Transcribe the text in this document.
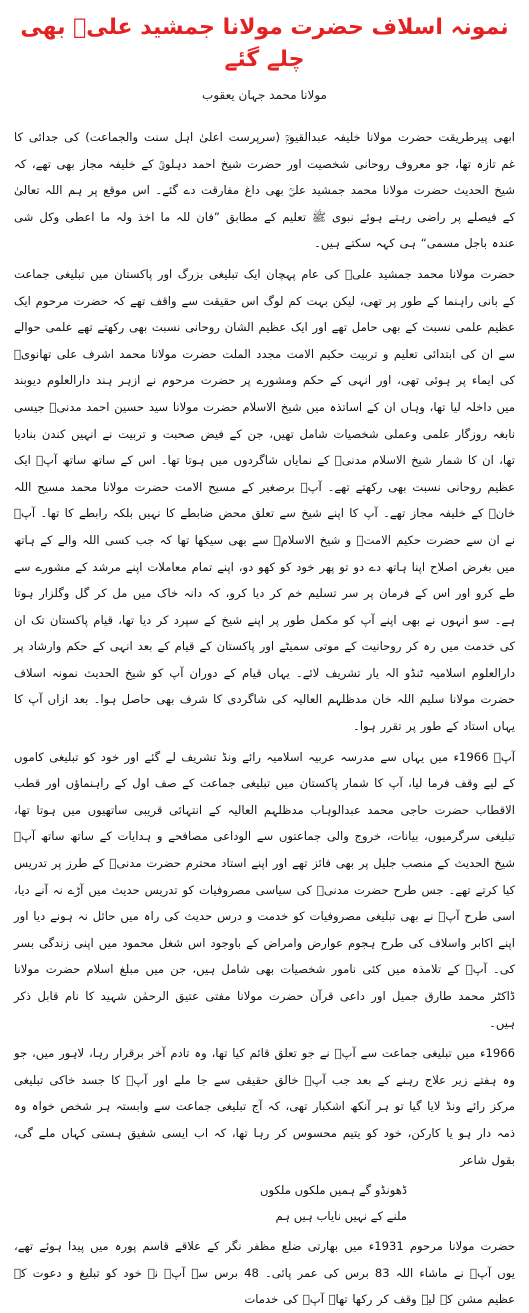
نمونہ اسلاف حضرت مولانا جمشید علیؒ بھی چلے گئے
مولانا محمد جہان یعقوب
ابھی پیرطریقت حضرت مولانا خلیفہ عبدالقیومؒ (سرپرست اعلیٰ اہل سنت والجماعت) کی جدائی کا غم تازہ تھا، جو معروف روحانی شخصیت اور حضرت شیخ احمد دہلویؒ کے خلیفہ مجاز بھی تھے، کہ شیخ الحدیث حضرت مولانا محمد جمشید علیؒ بھی داغ مفارقت دے گئے۔ اس موقع پر ہم اللہ تعالیٰ کے فیصلے پر راضی رہتے ہوئے نبوی ﷺ تعلیم کے مطابق ”فان للہ ما اخذ ولہ ما اعطی وکل شی عندہ باجل مسمی“ ہی کہہ سکتے ہیں۔
حضرت مولانا محمد جمشید علیؒ کی عام پہچان ایک تبلیغی بزرگ اور پاکستان میں تبلیغی جماعت کے بانی راہنما کے طور پر تھی، لیکن بہت کم لوگ اس حقیقت سے واقف تھے کہ حضرت مرحوم ایک عظیم علمی نسبت کے بھی حامل تھے اور ایک عظیم الشان روحانی نسبت بھی رکھتے تھے علمی حوالے سے ان کی ابتدائی تعلیم و تربیت حکیم الامت مجدد الملت حضرت مولانا محمد اشرف علی تھانویؒ کی ایماء پر ہوئی تھی، اور انہی کے حکم ومشورے پر حضرت مرحوم نے ازہر ہند دارالعلوم دیوبند میں داخلہ لیا تھا، وہاں ان کے اساتذہ میں شیخ الاسلام حضرت مولانا سید حسین احمد مدنیؒ جیسی نابغہ روزگار علمی وعملی شخصیات شامل تھیں، جن کے فیض صحبت و تربیت نے انہیں کندن بنادیا تھا، ان کا شمار شیخ الاسلام مدنیؒ کے نمایاں شاگردوں میں ہوتا تھا۔ اس کے ساتھ ساتھ آپؒ ایک عظیم روحانی نسبت بھی رکھتے تھے۔ آپؒ برصغیر کے مسیح الامت حضرت مولانا محمد مسیح اللہ خانؒ کے خلیفہ مجاز تھے۔ آپ کا اپنے شیخ سے تعلق محض ضابطے کا نہیں بلکہ رابطے کا تھا۔ آپؒ نے ان سے حضرت حکیم الامتؒ و شیخ الاسلامؒ سے بھی سیکھا تھا کہ جب کسی اللہ والے کے ہاتھ میں بغرض اصلاح اپنا ہاتھ دے دو تو پھر خود کو کھو دو، اپنے تمام معاملات اپنے مرشد کے مشورے سے طے کرو اور اس کے فرمان پر سر تسلیم خم کر دیا کرو، کہ دانہ خاک میں مل کر گل وگلزار ہوتا ہے۔ سو انہوں نے بھی اپنے آپ کو مکمل طور پر اپنے شیخ کے سپرد کر دیا تھا، قیام پاکستان تک ان کی خدمت میں رہ کر روحانیت کے موتی سمیٹے اور پاکستان کے قیام کے بعد انہی کے حکم وارشاد پر دارالعلوم اسلامیہ ٹنڈو الہ یار تشریف لائے۔ یہاں قیام کے دوران آپ کو شیخ الحدیث نمونہ اسلاف حضرت مولانا سلیم اللہ خان مدظلہم العالیہ کی شاگردی کا شرف بھی حاصل ہوا۔ بعد ازاں آپ کا یہاں استاد کے طور پر تقرر ہوا۔
آپؒ 1966ء میں یہاں سے مدرسہ عربیہ اسلامیہ رائے ونڈ تشریف لے گئے اور خود کو تبلیغی کاموں کے لیے وقف فرما لیا، آپ کا شمار پاکستان میں تبلیغی جماعت کے صف اول کے راہنماؤں اور قطب الاقطاب حضرت حاجی محمد عبدالوہاب مدظلہم العالیہ کے انتہائی قریبی ساتھیوں میں ہوتا تھا، تبلیغی سرگرمیوں، بیانات، خروج والی جماعتوں سے الوداعی مصافحے و ہدایات کے ساتھ ساتھ آپؒ شیخ الحدیث کے منصب جلیل پر بھی فائز تھے اور اپنے استاد محترم حضرت مدنیؒ کے طرز پر تدریس کیا کرتے تھے۔ جس طرح حضرت مدنیؒ کی سیاسی مصروفیات کو تدریس حدیث میں آڑے نہ آنے دیا، اسی طرح آپؒ نے بھی تبلیغی مصروفیات کو خدمت و درس حدیث کی راہ میں حائل نہ ہونے دیا اور اپنے اکابر واسلاف کی طرح ہجوم عوارض وامراض کے باوجود اس شغل محمود میں اپنی زندگی بسر کی۔ آپؒ کے تلامذہ میں کئی نامور شخصیات بھی شامل ہیں، جن میں مبلغ اسلام حضرت مولانا ڈاکٹر محمد طارق جمیل اور داعی قرآن حضرت مولانا مفتی عتیق الرحمٰن شہید کا نام قابل ذکر ہیں۔
1966ء میں تبلیغی جماعت سے آپؒ نے جو تعلق قائم کیا تھا، وہ تادم آخر برقرار رہا، لاہور میں، جو وہ ہفتے زیر علاج رہنے کے بعد جب آپؒ خالق حقیقی سے جا ملے اور آپؒ کا جسد خاکی تبلیغی مرکز رائے ونڈ لایا گیا تو ہر آنکھ اشکبار تھی، کہ آج تبلیغی جماعت سے وابستہ ہر شخص خواہ وہ ذمہ دار ہو یا کارکن، خود کو یتیم محسوس کر رہا تھا، کہ اب ایسی شفیق ہستی کہاں ملے گی، بقول شاعر
ڈھونڈو گے ہمیں ملکوں ملکوں
ملنے کے نہیں نایاب ہیں ہم
حضرت مولانا مرحوم 1931ء میں بھارتی ضلع مظفر نگر کے علاقے قاسم پورہ میں پیدا ہوئے تھے، یوں آپؒ نے ماشاء اللہ 83 برس کی عمر پائی۔ 48 برس سے آپؒ نے خود کو تبلیغ و دعوت کے عظیم مشن کے لیے وقف کر رکھا تھا۔ آپؒ کی خدمات
